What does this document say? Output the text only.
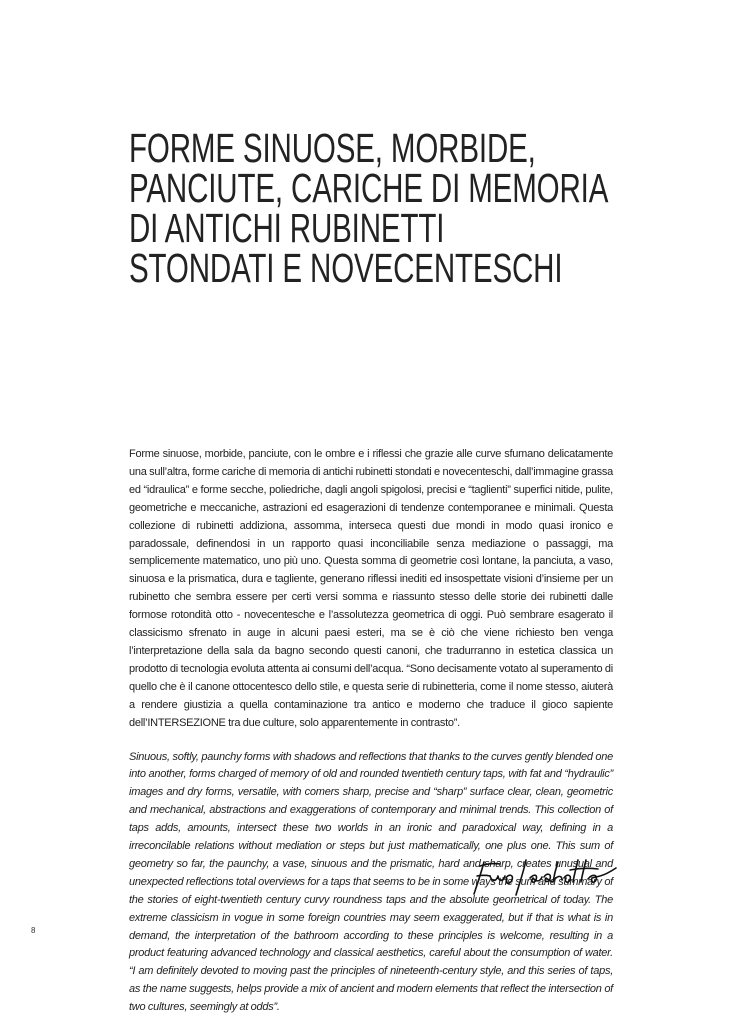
FORME SINUOSE, MORBIDE,
PANCIUTE, CARICHE DI MEMORIA
DI ANTICHI RUBINETTI
STONDATI E NOVECENTESCHI

Forme sinuose, morbide, panciute, con le ombre e i riflessi che grazie alle curve sfumano delicatamente una sull’altra, forme cariche di memoria di antichi rubinetti stondati e novecenteschi, dall’immagine grassa ed “idraulica” e forme secche, poliedriche, dagli angoli spigolosi, precisi e “taglienti” superfici nitide, pulite, geometriche e meccaniche, astrazioni ed esagerazioni di tendenze contemporanee e minimali. Questa collezione di rubinetti addiziona, assomma, interseca questi due mondi in modo quasi ironico e paradossale, definendosi in un rapporto quasi inconciliabile senza mediazione o passaggi, ma semplicemente matematico, uno più uno. Questa somma di geometrie così lontane, la panciuta, a vaso, sinuosa e la prismatica, dura e tagliente, generano riflessi inediti ed insospettate visioni d’insieme per un rubinetto che sembra essere per certi versi somma e riassunto stesso delle storie dei rubinetti dalle formose rotondità otto - novecentesche e l’assolutezza geometrica di oggi. Può sembrare esagerato il classicismo sfrenato in auge in alcuni paesi esteri, ma se è ciò che viene richiesto ben venga l’interpretazione della sala da bagno secondo questi canoni, che tradurranno in estetica classica un prodotto di tecnologia evoluta attenta ai consumi dell’acqua. “Sono decisamente votato al superamento di quello che è il canone ottocentesco dello stile, e questa serie di rubinetteria, come il nome stesso, aiuterà a rendere giustizia a quella contaminazione tra antico e moderno che traduce il gioco sapiente dell’INTERSEZIONE tra due culture, solo apparentemente in contrasto”.

Sinuous, softly, paunchy forms with shadows and reflections that thanks to the curves gently blended one into another, forms charged of memory of old and rounded twentieth century taps, with fat and “hydraulic” images and dry forms, versatile, with comers sharp, precise and “sharp” surface clear, clean, geometric and mechanical, abstractions and exaggerations of contemporary and minimal trends. This collection of taps adds, amounts, intersect these two worlds in an ironic and paradoxical way, defining in a irreconcilable relations without mediation or steps but just mathematically, one plus one. This sum of geometry so far, the paunchy, a vase, sinuous and the prismatic, hard and sharp, creates unusual and unexpected reflections total overviews for a taps that seems to be in some ways the sum and summary of the stories of eight-twentieth century curvy roundness taps and the absolute geometrical of today. The extreme classicism in vogue in some foreign countries may seem exaggerated, but if that is what is in demand, the interpretation of the bathroom according to these principles is welcome, resulting in a product featuring advanced technology and classical aesthetics, careful about the consumption of water. “I am definitely devoted to moving past the principles of nineteenth-century style, and this series of taps, as the name suggests, helps provide a mix of ancient and modern elements that reflect the intersection of two cultures, seemingly at odds”.

8
